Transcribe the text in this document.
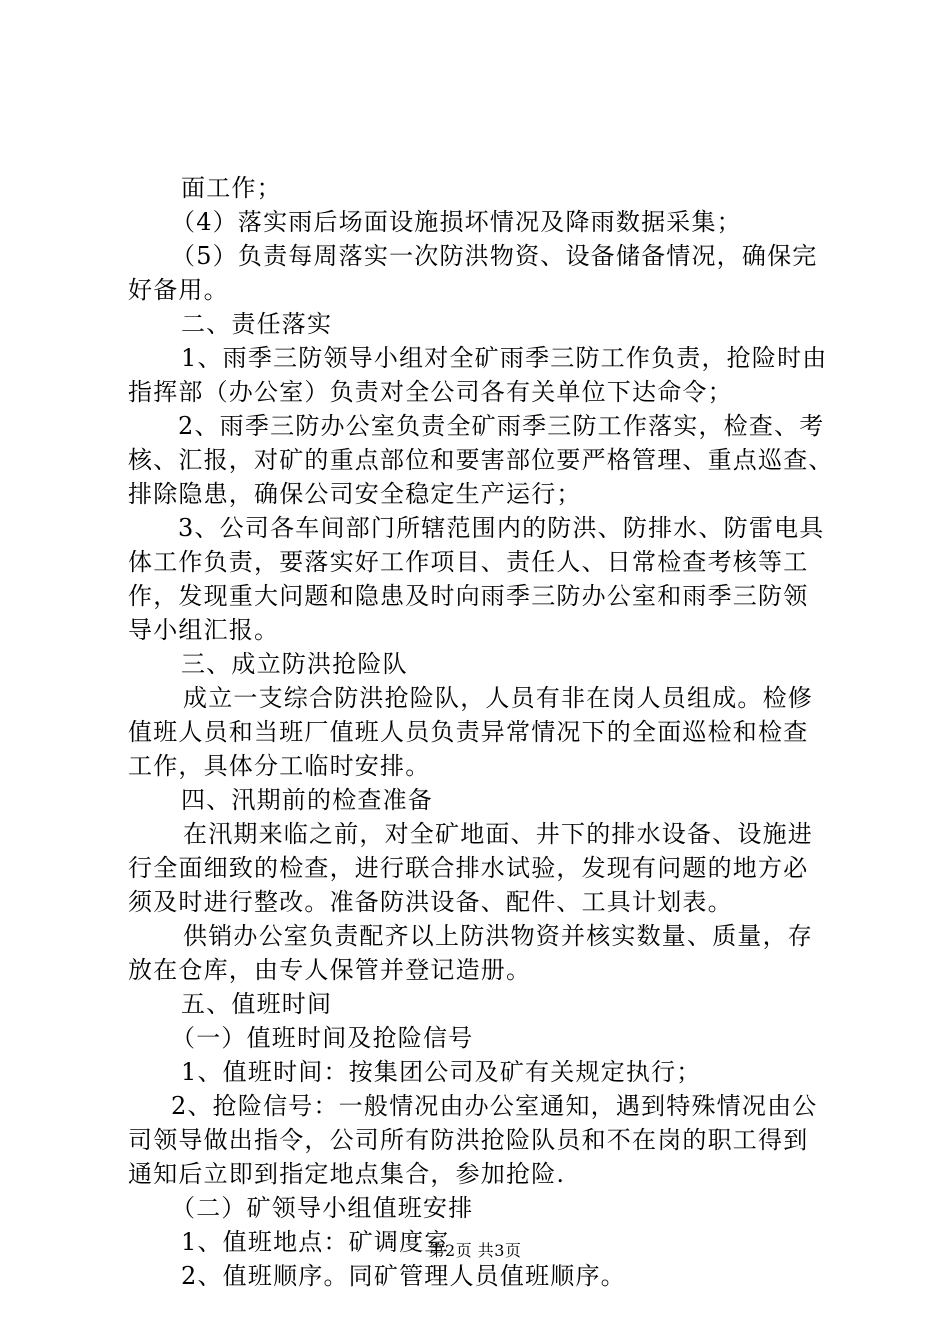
面工作；
（4）落实雨后场面设施损坏情况及降雨数据采集；
（5）负责每周落实一次防洪物资、设备储备情况，确保完
好备用。
二、责任落实
1、雨季三防领导小组对全矿雨季三防工作负责，抢险时由
指挥部（办公室）负责对全公司各有关单位下达命令；
2、雨季三防办公室负责全矿雨季三防工作落实，检查、考
核、汇报，对矿的重点部位和要害部位要严格管理、重点巡查、
排除隐患，确保公司安全稳定生产运行；
3、公司各车间部门所辖范围内的防洪、防排水、防雷电具
体工作负责，要落实好工作项目、责任人、日常检查考核等工
作，发现重大问题和隐患及时向雨季三防办公室和雨季三防领
导小组汇报。
三、成立防洪抢险队
成立一支综合防洪抢险队，人员有非在岗人员组成。检修
值班人员和当班厂值班人员负责异常情况下的全面巡检和检查
工作，具体分工临时安排。
四、汛期前的检查准备
在汛期来临之前，对全矿地面、井下的排水设备、设施进
行全面细致的检查，进行联合排水试验，发现有问题的地方必
须及时进行整改。准备防洪设备、配件、工具计划表。
供销办公室负责配齐以上防洪物资并核实数量、质量，存
放在仓库，由专人保管并登记造册。
五、值班时间
（一）值班时间及抢险信号
1、值班时间：按集团公司及矿有关规定执行；
2、抢险信号：一般情况由办公室通知，遇到特殊情况由公
司领导做出指令，公司所有防洪抢险队员和不在岗的职工得到
通知后立即到指定地点集合，参加抢险.
（二）矿领导小组值班安排
1、值班地点：矿调度室
2、值班顺序。同矿管理人员值班顺序。
第2页 共3页
